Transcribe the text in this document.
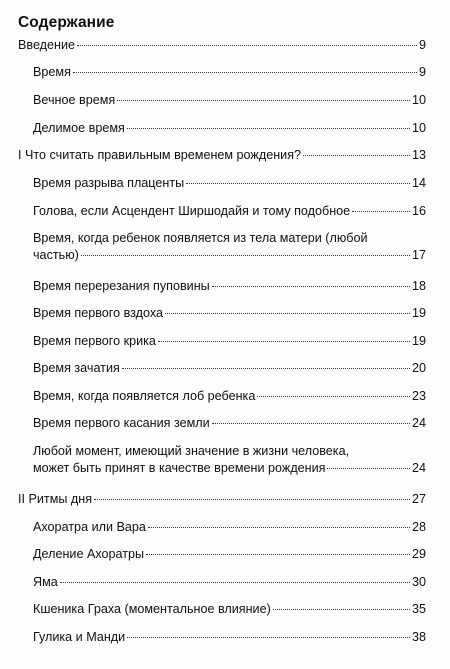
Содержание
Введение	9
Время	9
Вечное время	10
Делимое время	10
I Что считать правильным временем рождения?	13
Время разрыва плаценты	14
Голова, если Асцендент Ширшодайя и тому подобное	16
Время, когда ребенок появляется из тела матери (любой
частью)	17
Время перерезания пуповины	18
Время первого вздоха	19
Время первого крика	19
Время зачатия	20
Время, когда появляется лоб ребенка	23
Время первого касания земли	24
Любой момент, имеющий значение в жизни человека,
может быть принят в качестве времени рождения	24
II Ритмы дня	27
Ахоратра или Вара	28
Деление Ахоратры	29
Яма	30
Кшеника Граха (моментальное влияние)	35
Гулика и Манди	38
